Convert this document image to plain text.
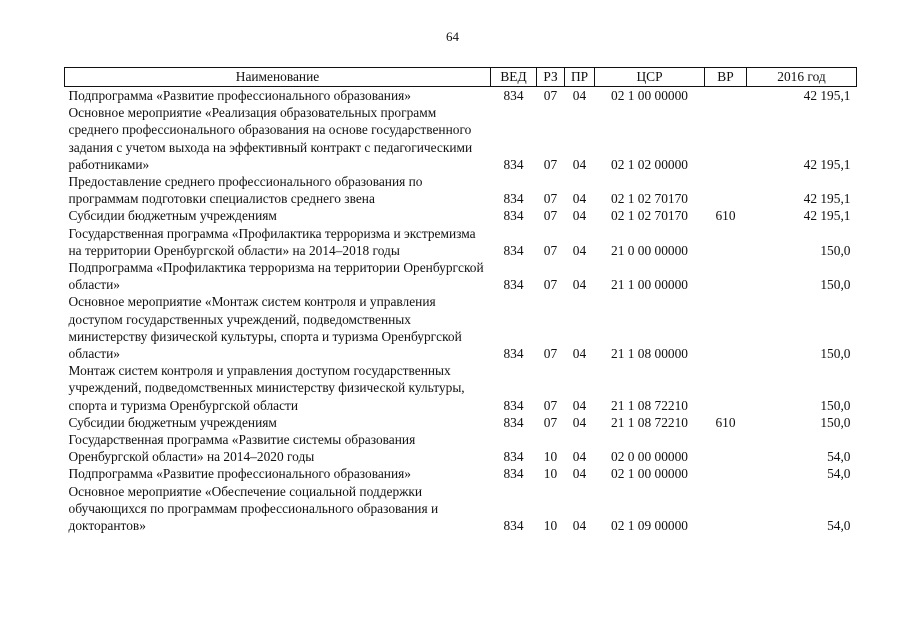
64
Наименование	ВЕД	РЗ	ПР	ЦСР	ВР	2016 год
Подпрограмма «Развитие профессионального образования»	834	07	04	02 1 00 00000		42 195,1
Основное мероприятие «Реализация образовательных программ среднего профессионального образования на основе государственного задания с учетом выхода на эффективный контракт с педагогическими работниками»	834	07	04	02 1 02 00000		42 195,1
Предоставление среднего профессионального образования по программам подготовки специалистов среднего звена	834	07	04	02 1 02 70170		42 195,1
Субсидии бюджетным учреждениям	834	07	04	02 1 02 70170	610	42 195,1
Государственная программа «Профилактика терроризма и экстремизма на территории Оренбургской области» на 2014–2018 годы	834	07	04	21 0 00 00000		150,0
Подпрограмма «Профилактика терроризма на территории Оренбургской области»	834	07	04	21 1 00 00000		150,0
Основное мероприятие «Монтаж систем контроля и управления доступом государственных учреждений, подведомственных министерству физической культуры, спорта и туризма Оренбургской области»	834	07	04	21 1 08 00000		150,0
Монтаж систем контроля и управления доступом государственных учреждений, подведомственных министерству физической культуры, спорта и туризма Оренбургской области	834	07	04	21 1 08 72210		150,0
Субсидии бюджетным учреждениям	834	07	04	21 1 08 72210	610	150,0
Государственная программа «Развитие системы образования Оренбургской области» на 2014–2020 годы	834	10	04	02 0 00 00000		54,0
Подпрограмма «Развитие профессионального образования»	834	10	04	02 1 00 00000		54,0
Основное мероприятие «Обеспечение социальной поддержки обучающихся по программам профессионального образования и докторантов»	834	10	04	02 1 09 00000		54,0
